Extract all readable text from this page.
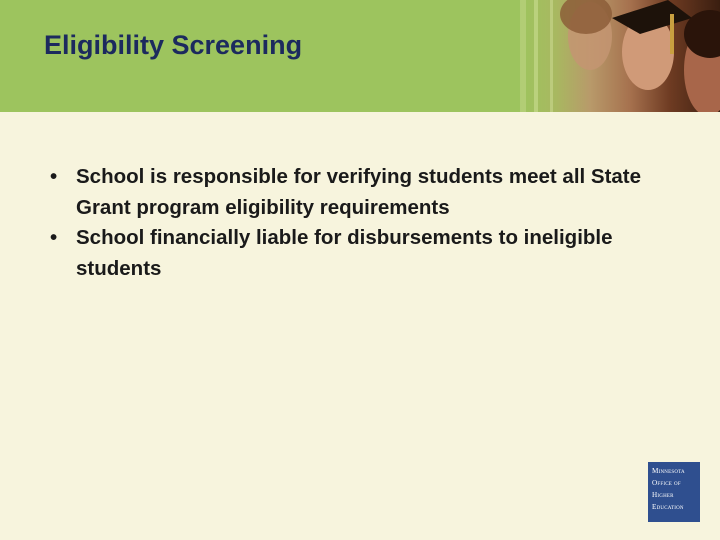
Eligibility Screening
• School is responsible for verifying students meet all State Grant program eligibility requirements
• School financially liable for disbursements to ineligible students
Minnesota
Office of
Higher
Education
